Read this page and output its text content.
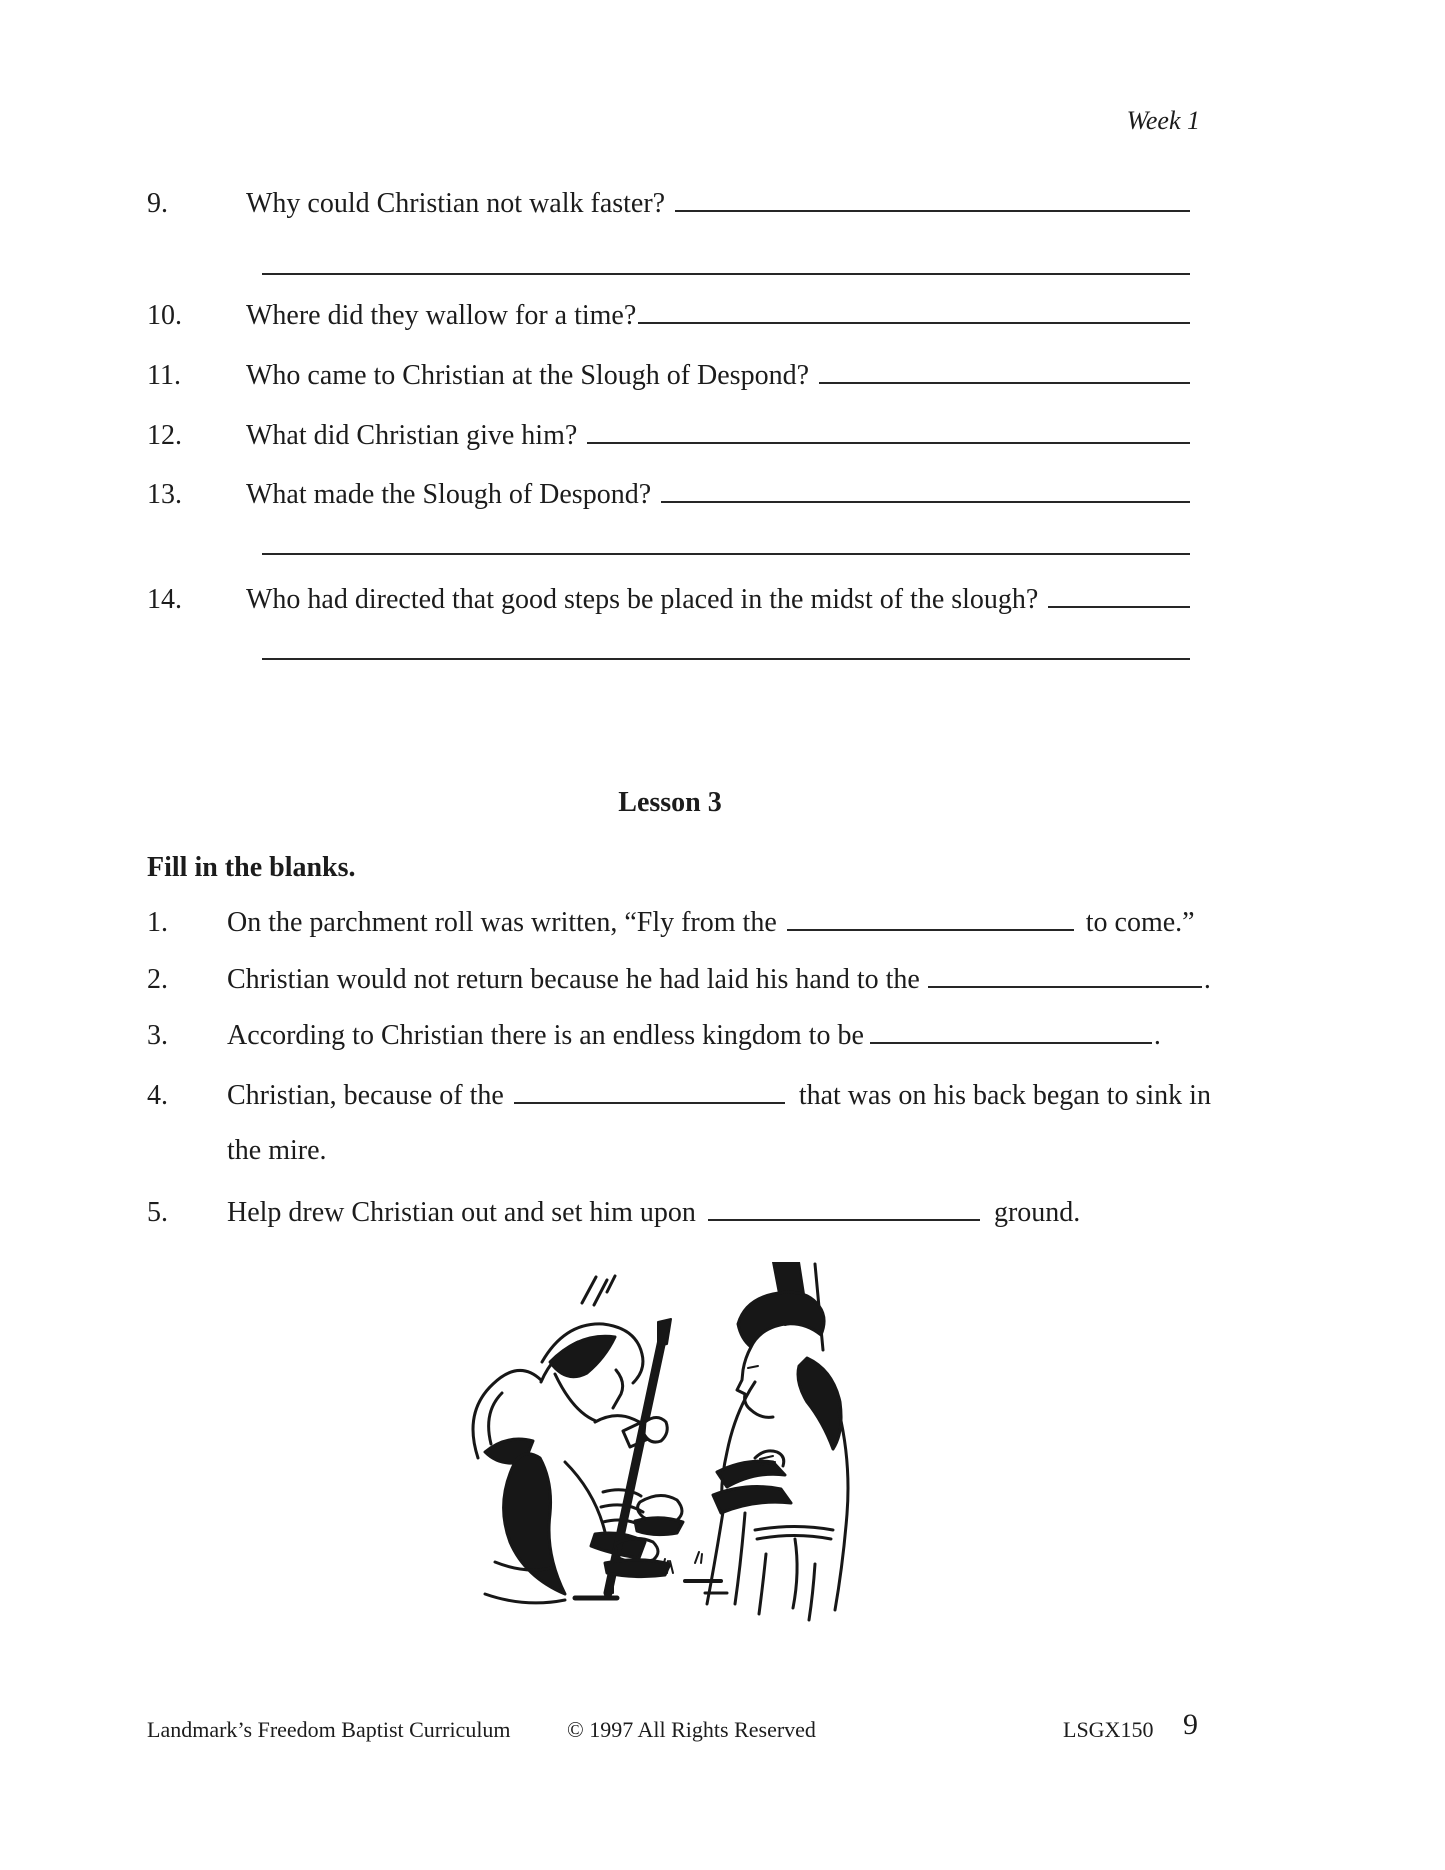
Week 1
9.	Why could Christian not walk faster?
10.	Where did they wallow for a time?
11.	Who came to Christian at the Slough of Despond?
12.	What did Christian give him?
13.	What made the Slough of Despond?
14.	Who had directed that good steps be placed in the midst of the slough?
Lesson 3
Fill in the blanks.
1.	On the parchment roll was written, “Fly from the	to come.”
2.	Christian would not return because he had laid his hand to the	.
3.	According to Christian there is an endless kingdom to be	.
4.	Christian, because of the	that was on his back began to sink in
the mire.
5.	Help drew Christian out and set him upon	ground.
Landmark’s Freedom Baptist Curriculum	© 1997 All Rights Reserved	LSGX150 9
